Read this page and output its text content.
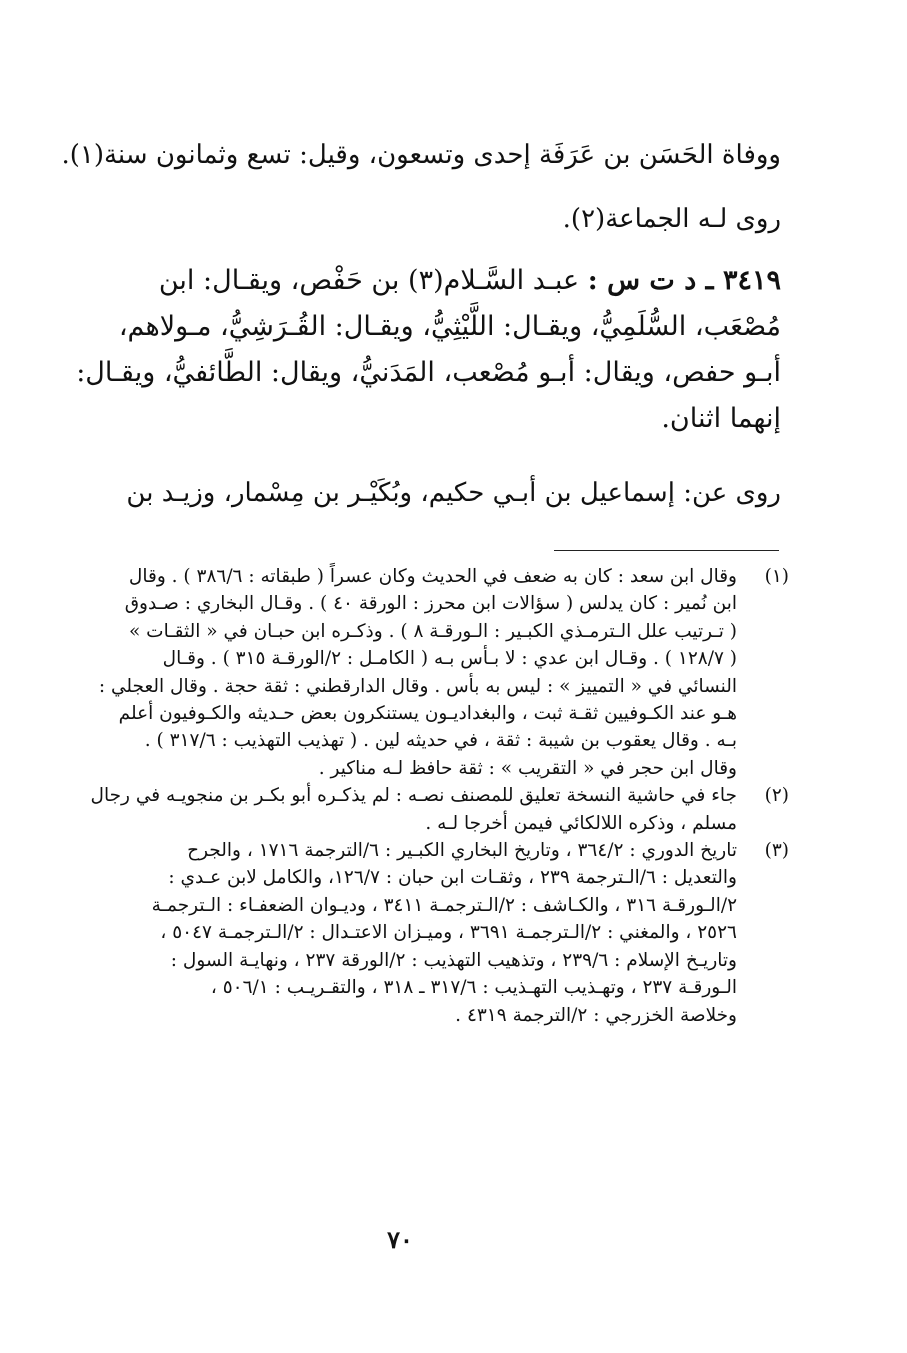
ووفاة الحَسَن بن عَرَفَة إحدى وتسعون، وقيل: تسع وثمانون سنة(١).
روى لـه الجماعة(٢).
٣٤١٩ ـ د ت س : عبـد السَّـلام(٣) بن حَفْص، ويقـال: ابن
مُصْعَب، السُّلَمِيُّ، ويقـال: اللَّيْثِيُّ، ويقـال: القُـرَشِيُّ، مـولاهم،
أبـو حفص، ويقال: أبـو مُصْعب، المَدَنيُّ، ويقال: الطَّائفيُّ، ويقـال:
إنهما اثنان.
روى عن: إسماعيل بن أبـي حكيم، وبُكَيْـر بن مِسْمار، وزيـد بن
(١)
وقال ابن سعد : كان به ضعف في الحديث وكان عسراً ( طبقاته : ٣٨٦/٦ ) . وقال
ابن نُمير : كان يدلس ( سؤالات ابن محرز : الورقة ٤٠ ) . وقـال البخاري : صـدوق
( تـرتيب علل الـترمـذي الكبـير : الـورقـة ٨ ) . وذكـره ابن حبـان في « الثقـات »
( ١٢٨/٧ ) . وقـال ابن عدي : لا بـأس بـه ( الكامـل : ٢/الورقـة ٣١٥ ) . وقـال
النسائي في « التمييز » : ليس به بأس . وقال الدارقطني : ثقة حجة . وقال العجلي :
هـو عند الكـوفيين ثقـة ثبت ، والبغداديـون يستنكرون بعض حـديثه والكـوفيون أعلم
بـه . وقال يعقوب بن شيبة : ثقة ، في حديثه لين . ( تهذيب التهذيب : ٣١٧/٦ ) .
وقال ابن حجر في « التقريب » : ثقة حافظ لـه مناكير .
(٢)
جاء في حاشية النسخة تعليق للمصنف نصـه : لم يذكـره أبو بكـر بن منجويـه في رجال
مسلم ، وذكره اللالكائي فيمن أخرجا لـه .
(٣)
تاريخ الدوري : ٣٦٤/٢ ، وتاريخ البخاري الكبـير : ٦/الترجمة ١٧١٦ ، والجرح
والتعديل : ٦/الـترجمة ٢٣٩ ، وثقـات ابن حبان : ١٢٦/٧، والكامل لابن عـدي :
٢/الـورقـة ٣١٦ ، والكـاشف : ٢/الـترجمـة ٣٤١١ ، وديـوان الضعفـاء : الـترجمـة
٢٥٢٦ ، والمغني : ٢/الـترجمـة ٣٦٩١ ، وميـزان الاعتـدال : ٢/الـترجمـة ٥٠٤٧ ،
وتاريـخ الإسلام : ٢٣٩/٦ ، وتذهيب التهذيب : ٢/الورقة ٢٣٧ ، ونهايـة السول :
الـورقـة ٢٣٧ ، وتهـذيب التهـذيب : ٣١٧/٦ ـ ٣١٨ ، والتقـريـب : ٥٠٦/١ ،
وخلاصة الخزرجي : ٢/الترجمة ٤٣١٩ .
٧٠
